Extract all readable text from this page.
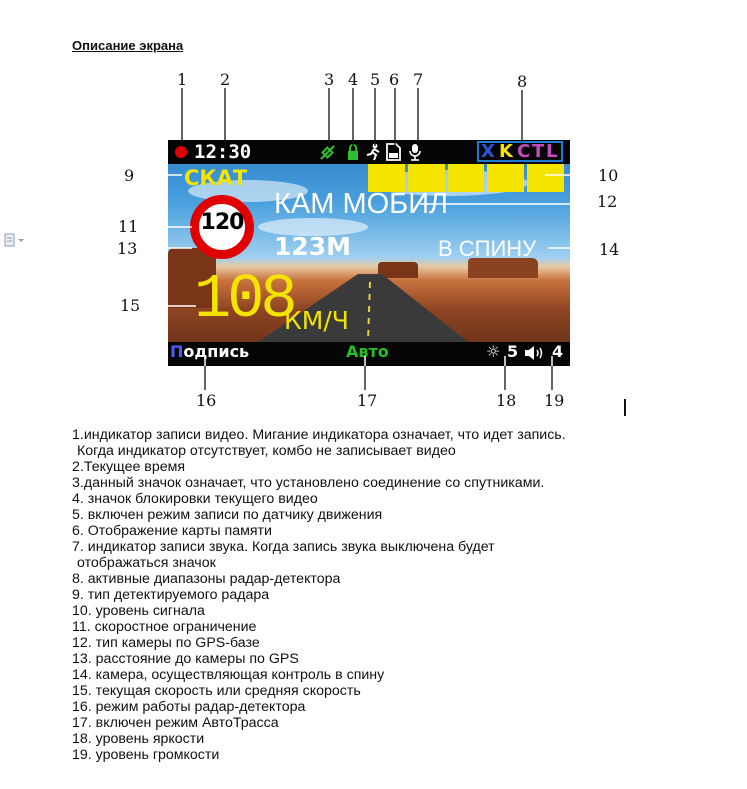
Описание экрана
1 2	3 4 5 6 7	8
9	10
11
12
13	14
15
16	17	18 19
12:30	X K C T L
СКАТ
120
КАМ МОБИЛ
123М	В СПИНУ
108
КМ/Ч
Подпись	Авто	☼ 5 4
1.индикатор записи видео. Мигание индикатора означает, что идет запись.
Когда индикатор отсутствует, комбо не записывает видео
2.Текущее время
3.данный значок означает, что установлено соединение со спутниками.
4. значок блокировки текущего видео
5. включен режим записи по датчику движения
6. Отображение карты памяти
7. индикатор записи звука. Когда запись звука выключена будет
отображаться значок
8. активные диапазоны радар-детектора
9. тип детектируемого радара
10. уровень сигнала
11. скоростное ограничение
12. тип камеры по GPS-базе
13. расстояние до камеры по GPS
14. камера, осуществляющая контроль в спину
15. текущая скорость или средняя скорость
16. режим работы радар-детектора
17. включен режим АвтоТрасса
18. уровень яркости
19. уровень громкости
